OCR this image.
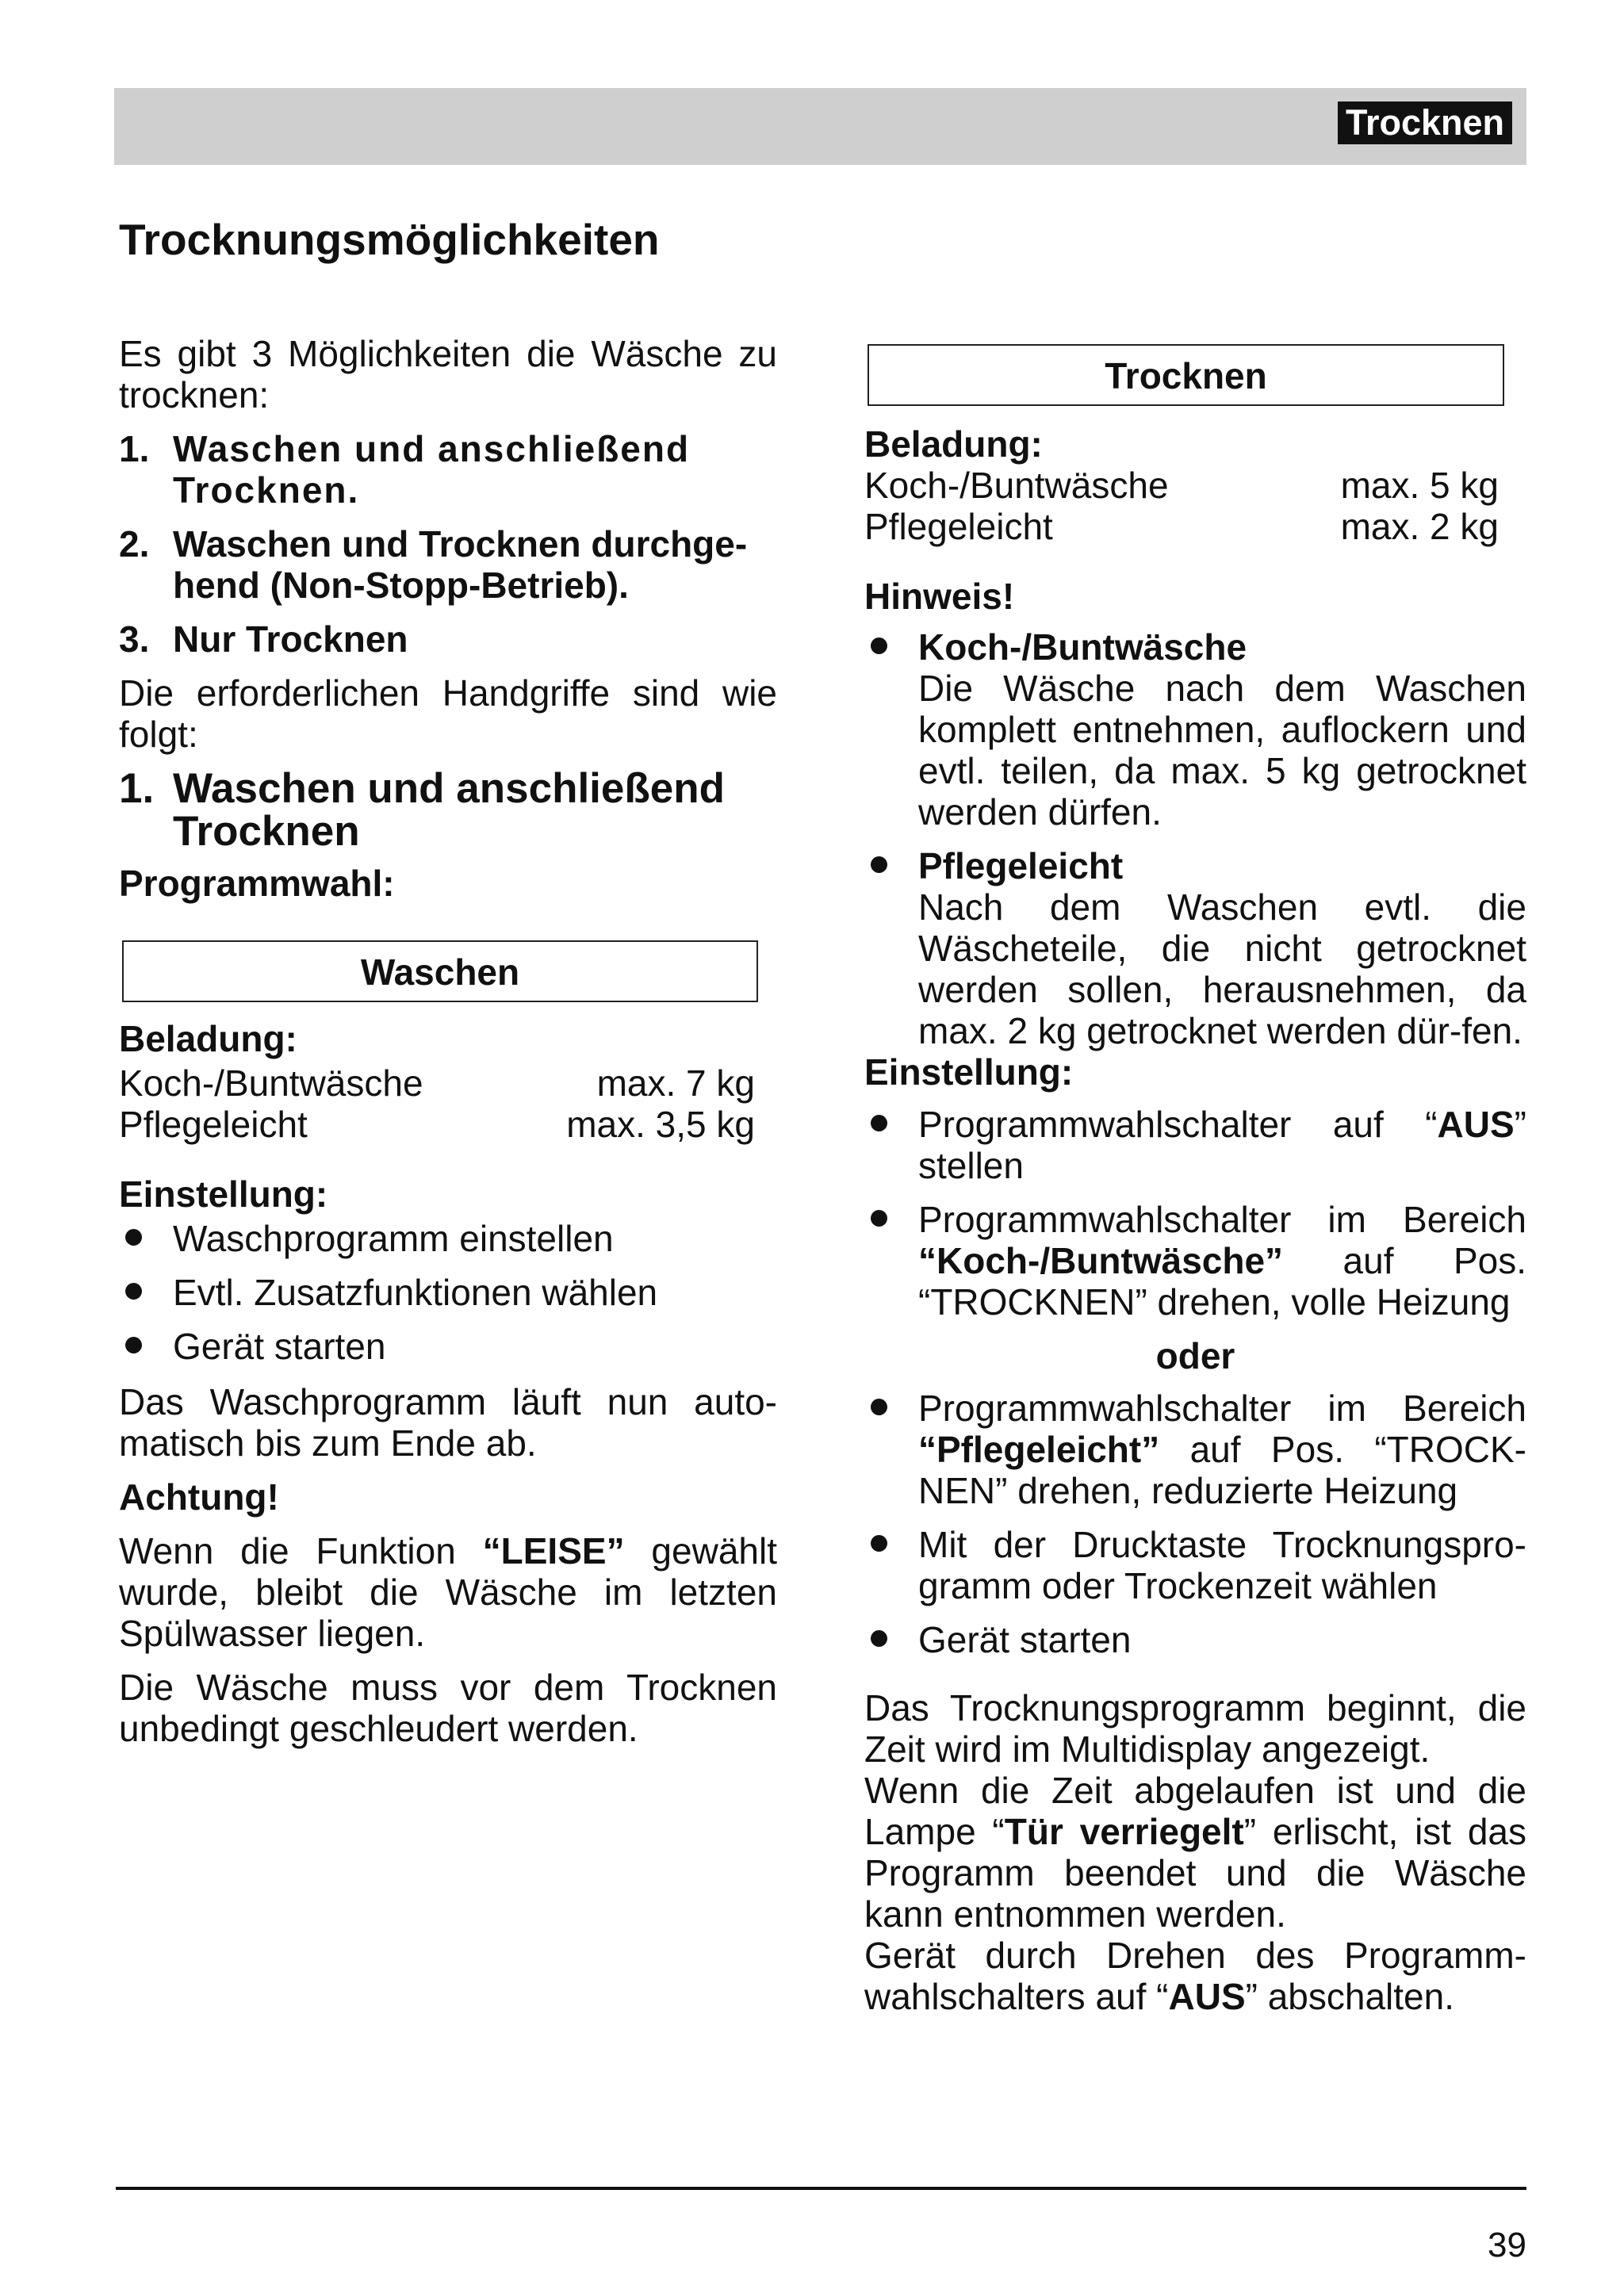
Trocknen
Trocknungsmöglichkeiten

Es gibt 3 Möglichkeiten die Wäsche zu trocknen:

1. Waschen und anschließend Trocknen.
2. Waschen und Trocknen durchge-hend (Non-Stopp-Betrieb).
3. Nur Trocknen

Die erforderlichen Handgriffe sind wie folgt:

1. Waschen und anschließend Trocknen

Programmwahl:

Waschen

Beladung:

Koch-/Buntwäsche	max. 7 kg
Pflegeleicht	max. 3,5 kg

Einstellung:

Waschprogramm einstellen
Evtl. Zusatzfunktionen wählen
Gerät starten

Das Waschprogramm läuft nun auto-matisch bis zum Ende ab.

Achtung!

Wenn die Funktion “LEISE” gewählt wurde, bleibt die Wäsche im letzten Spülwasser liegen.

Die Wäsche muss vor dem Trocknen unbedingt geschleudert werden.

Trocknen

Beladung:

Koch-/Buntwäsche	max. 5 kg
Pflegeleicht	max. 2 kg

Hinweis!

Koch-/Buntwäsche
Die Wäsche nach dem Waschen komplett entnehmen, auflockern und evtl. teilen, da max. 5 kg getrocknet werden dürfen.
Pflegeleicht
Nach dem Waschen evtl. die Wäscheteile, die nicht getrocknet werden sollen, herausnehmen, da max. 2 kg getrocknet werden dür-fen.

Einstellung:

Programmwahlschalter auf “AUS” stellen
Programmwahlschalter im Bereich “Koch-/Buntwäsche” auf Pos. “TROCKNEN” drehen, volle Heizung

oder

Programmwahlschalter im Bereich “Pflegeleicht” auf Pos. “TROCK-NEN” drehen, reduzierte Heizung
Mit der Drucktaste Trocknungspro-gramm oder Trockenzeit wählen
Gerät starten
Das Trocknungsprogramm beginnt, die Zeit wird im Multidisplay angezeigt.
Wenn die Zeit abgelaufen ist und die Lampe “Tür verriegelt” erlischt, ist das Programm beendet und die Wäsche kann entnommen werden.
Gerät durch Drehen des Programm-wahlschalters auf “AUS” abschalten.
39
